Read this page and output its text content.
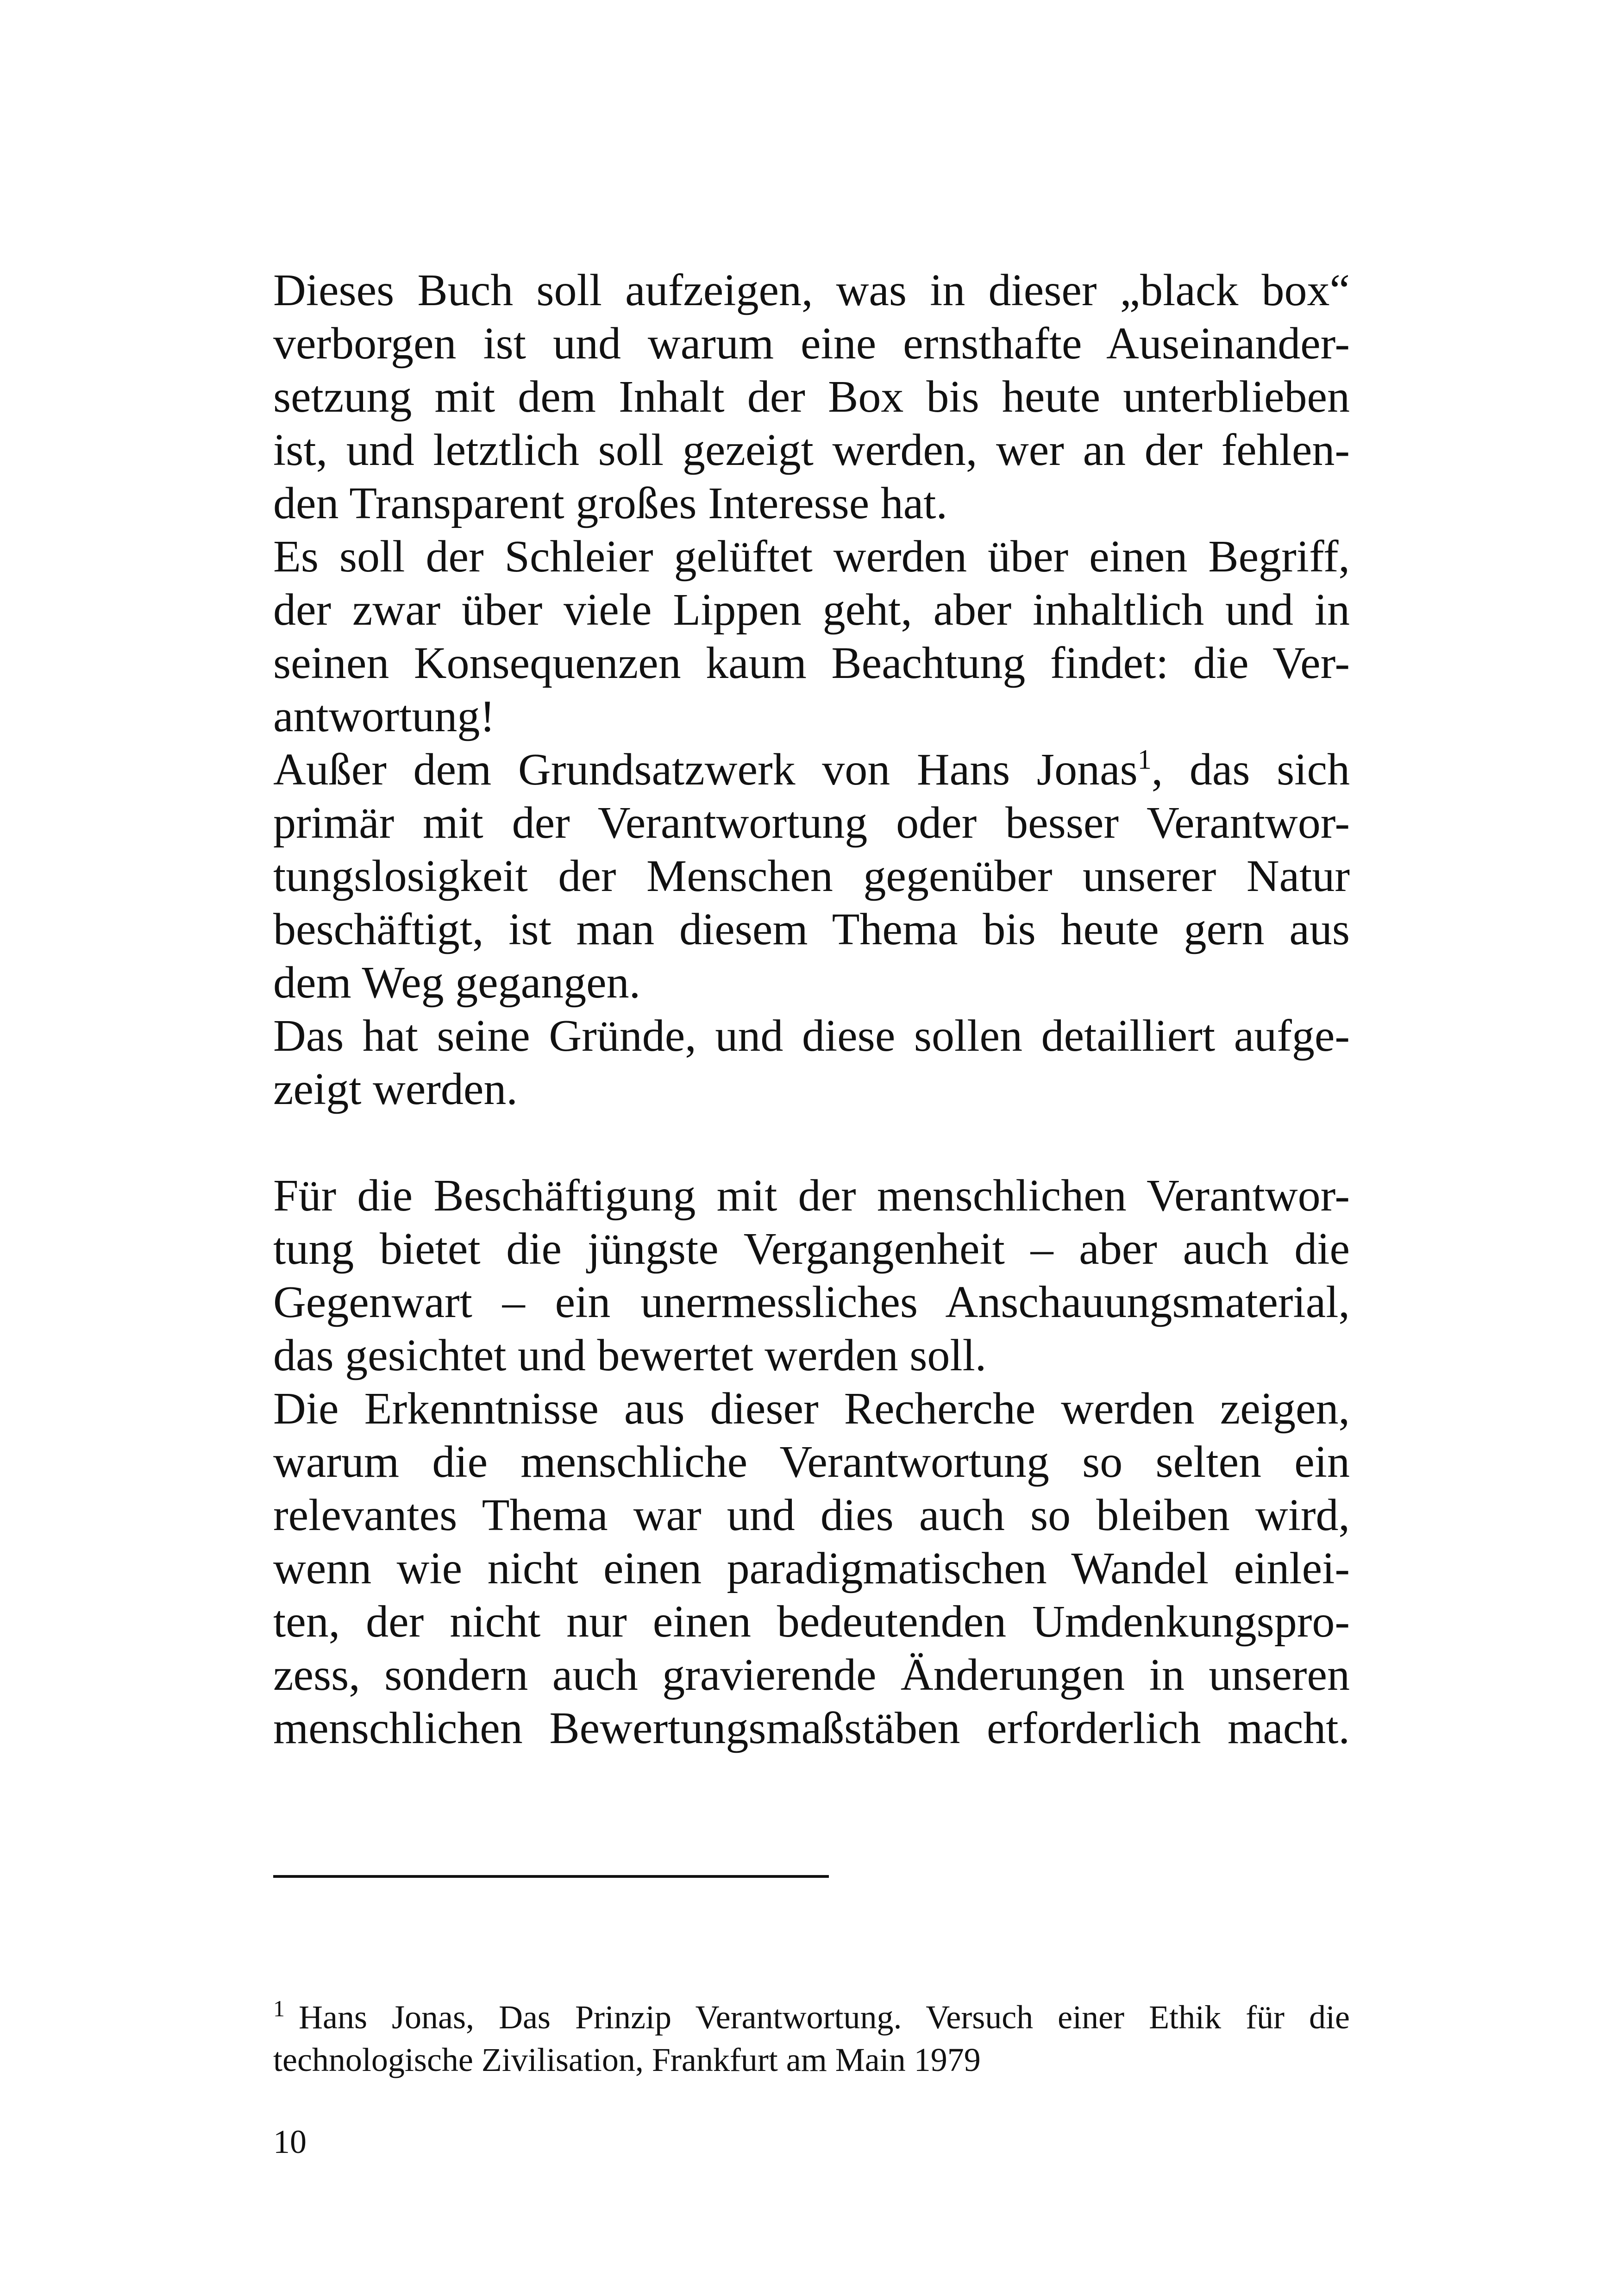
Dieses Buch soll aufzeigen, was in dieser „black box“
verborgen ist und warum eine ernsthafte Auseinander-
setzung mit dem Inhalt der Box bis heute unterblieben
ist, und letztlich soll gezeigt werden, wer an der fehlen-
den Transparent großes Interesse hat.
Es soll der Schleier gelüftet werden über einen Begriff,
der zwar über viele Lippen geht, aber inhaltlich und in
seinen Konsequenzen kaum Beachtung findet: die Ver-
antwortung!
Außer dem Grundsatzwerk von Hans Jonas$^1$, das sich
primär mit der Verantwortung oder besser Verantwor-
tungslosigkeit der Menschen gegenüber unserer Natur
beschäftigt, ist man diesem Thema bis heute gern aus
dem Weg gegangen.
Das hat seine Gründe, und diese sollen detailliert aufge-
zeigt werden.
Für die Beschäftigung mit der menschlichen Verantwor-
tung bietet die jüngste Vergangenheit – aber auch die
Gegenwart – ein unermessliches Anschauungsmaterial,
das gesichtet und bewertet werden soll.
Die Erkenntnisse aus dieser Recherche werden zeigen,
warum die menschliche Verantwortung so selten ein
relevantes Thema war und dies auch so bleiben wird,
wenn wie nicht einen paradigmatischen Wandel einlei-
ten, der nicht nur einen bedeutenden Umdenkungspro-
zess, sondern auch gravierende Änderungen in unseren
menschlichen Bewertungsmaßstäben erforderlich macht.
$^1$ Hans Jonas, Das Prinzip Verantwortung. Versuch einer Ethik für die
technologische Zivilisation, Frankfurt am Main 1979
10
